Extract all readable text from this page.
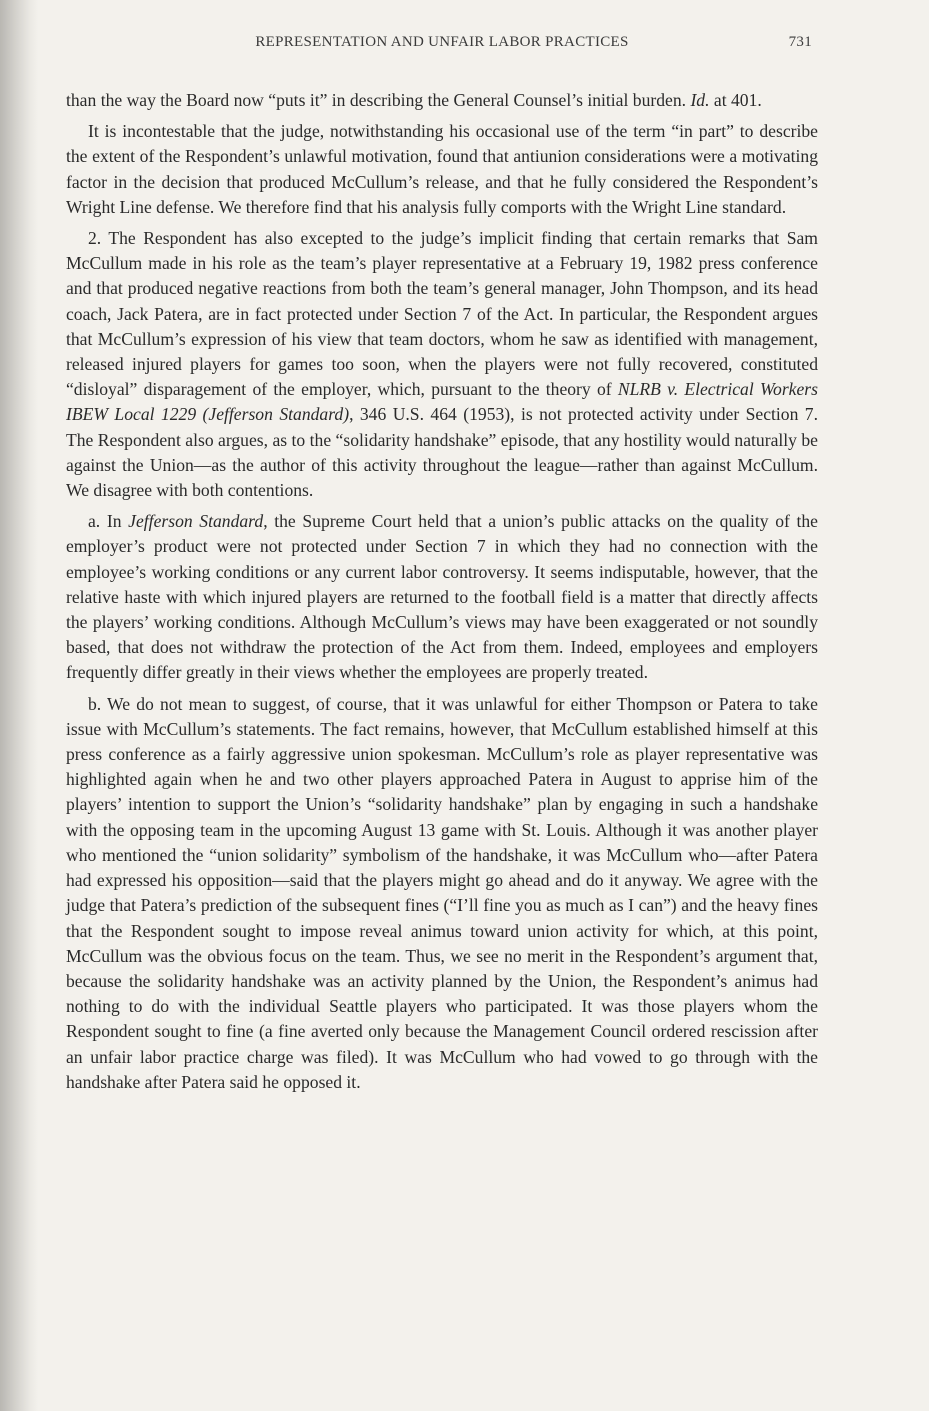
REPRESENTATION AND UNFAIR LABOR PRACTICES	731

than the way the Board now “puts it” in describing the General Counsel’s initial burden. Id. at 401.

It is incontestable that the judge, notwithstanding his occasional use of the term “in part” to describe the extent of the Respondent’s unlawful motivation, found that antiunion considerations were a motivating factor in the decision that produced McCullum’s release, and that he fully considered the Respondent’s Wright Line defense. We therefore find that his analysis fully comports with the Wright Line standard.

2. The Respondent has also excepted to the judge’s implicit finding that certain remarks that Sam McCullum made in his role as the team’s player representative at a February 19, 1982 press conference and that produced negative reactions from both the team’s general manager, John Thompson, and its head coach, Jack Patera, are in fact protected under Section 7 of the Act. In particular, the Respondent argues that McCullum’s expression of his view that team doctors, whom he saw as identified with management, released injured players for games too soon, when the players were not fully recovered, constituted “disloyal” disparagement of the employer, which, pursuant to the theory of NLRB v. Electrical Workers IBEW Local 1229 (Jefferson Standard), 346 U.S. 464 (1953), is not protected activity under Section 7. The Respondent also argues, as to the “solidarity handshake” episode, that any hostility would naturally be against the Union—as the author of this activity throughout the league—rather than against McCullum. We disagree with both contentions.

a. In Jefferson Standard, the Supreme Court held that a union’s public attacks on the quality of the employer’s product were not protected under Section 7 in which they had no connection with the employee’s working conditions or any current labor controversy. It seems indisputable, however, that the relative haste with which injured players are returned to the football field is a matter that directly affects the players’ working conditions. Although McCullum’s views may have been exaggerated or not soundly based, that does not withdraw the protection of the Act from them. Indeed, employees and employers frequently differ greatly in their views whether the employees are properly treated.

b. We do not mean to suggest, of course, that it was unlawful for either Thompson or Patera to take issue with McCullum’s statements. The fact remains, however, that McCullum established himself at this press conference as a fairly aggressive union spokesman. McCullum’s role as player representative was highlighted again when he and two other players approached Patera in August to apprise him of the players’ intention to support the Union’s “solidarity handshake” plan by engaging in such a handshake with the opposing team in the upcoming August 13 game with St. Louis. Although it was another player who mentioned the “union solidarity” symbolism of the handshake, it was McCullum who—after Patera had expressed his opposition—said that the players might go ahead and do it anyway. We agree with the judge that Patera’s prediction of the subsequent fines (“I’ll fine you as much as I can”) and the heavy fines that the Respondent sought to impose reveal animus toward union activity for which, at this point, McCullum was the obvious focus on the team. Thus, we see no merit in the Respondent’s argument that, because the solidarity handshake was an activity planned by the Union, the Respondent’s animus had nothing to do with the individual Seattle players who participated. It was those players whom the Respondent sought to fine (a fine averted only because the Management Council ordered rescission after an unfair labor practice charge was filed). It was McCullum who had vowed to go through with the handshake after Patera said he opposed it.
